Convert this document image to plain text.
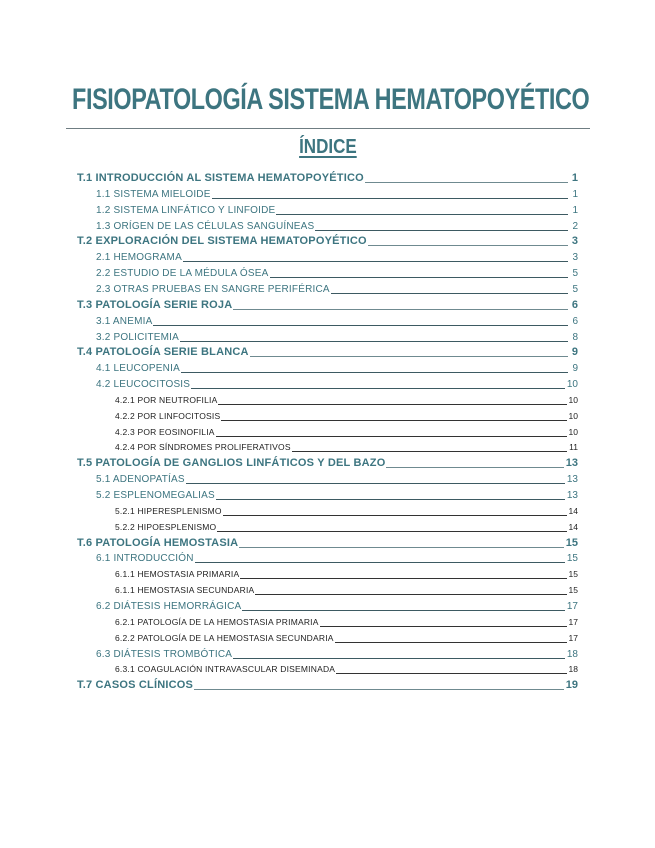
FISIOPATOLOGÍA SISTEMA HEMATOPOYÉTICO
ÍNDICE
T.1 INTRODUCCIÓN AL SISTEMA HEMATOPOYÉTICO	1
1.1 SISTEMA MIELOIDE	1
1.2 SISTEMA LINFÁTICO Y LINFOIDE	1
1.3 ORÍGEN DE LAS CÉLULAS SANGUÍNEAS	2
T.2 EXPLORACIÓN DEL SISTEMA HEMATOPOYÉTICO	3
2.1 HEMOGRAMA	3
2.2 ESTUDIO DE LA MÉDULA ÓSEA	5
2.3 OTRAS PRUEBAS EN SANGRE PERIFÉRICA	5
T.3 PATOLOGÍA SERIE ROJA	6
3.1 ANEMIA	6
3.2 POLICITEMIA	8
T.4 PATOLOGÍA SERIE BLANCA	9
4.1 LEUCOPENIA	9
4.2 LEUCOCITOSIS	10
4.2.1 POR NEUTROFILIA	10
4.2.2 POR LINFOCITOSIS	10
4.2.3 POR EOSINOFILIA	10
4.2.4 POR SÍNDROMES PROLIFERATIVOS	11
T.5 PATOLOGÍA DE GANGLIOS LINFÁTICOS Y DEL BAZO	13
5.1 ADENOPATÍAS	13
5.2 ESPLENOMEGALIAS	13
5.2.1 HIPERESPLENISMO	14
5.2.2 HIPOESPLENISMO	14
T.6 PATOLOGÍA HEMOSTASIA	15
6.1 INTRODUCCIÓN	15
6.1.1 HEMOSTASIA PRIMARIA	15
6.1.1 HEMOSTASIA SECUNDARIA	15
6.2 DIÁTESIS HEMORRÁGICA	17
6.2.1 PATOLOGÍA DE LA HEMOSTASIA PRIMARIA	17
6.2.2 PATOLOGÍA DE LA HEMOSTASIA SECUNDARIA	17
6.3 DIÁTESIS TROMBÓTICA	18
6.3.1 COAGULACIÓN INTRAVASCULAR DISEMINADA	18
T.7 CASOS CLÍNICOS	19
